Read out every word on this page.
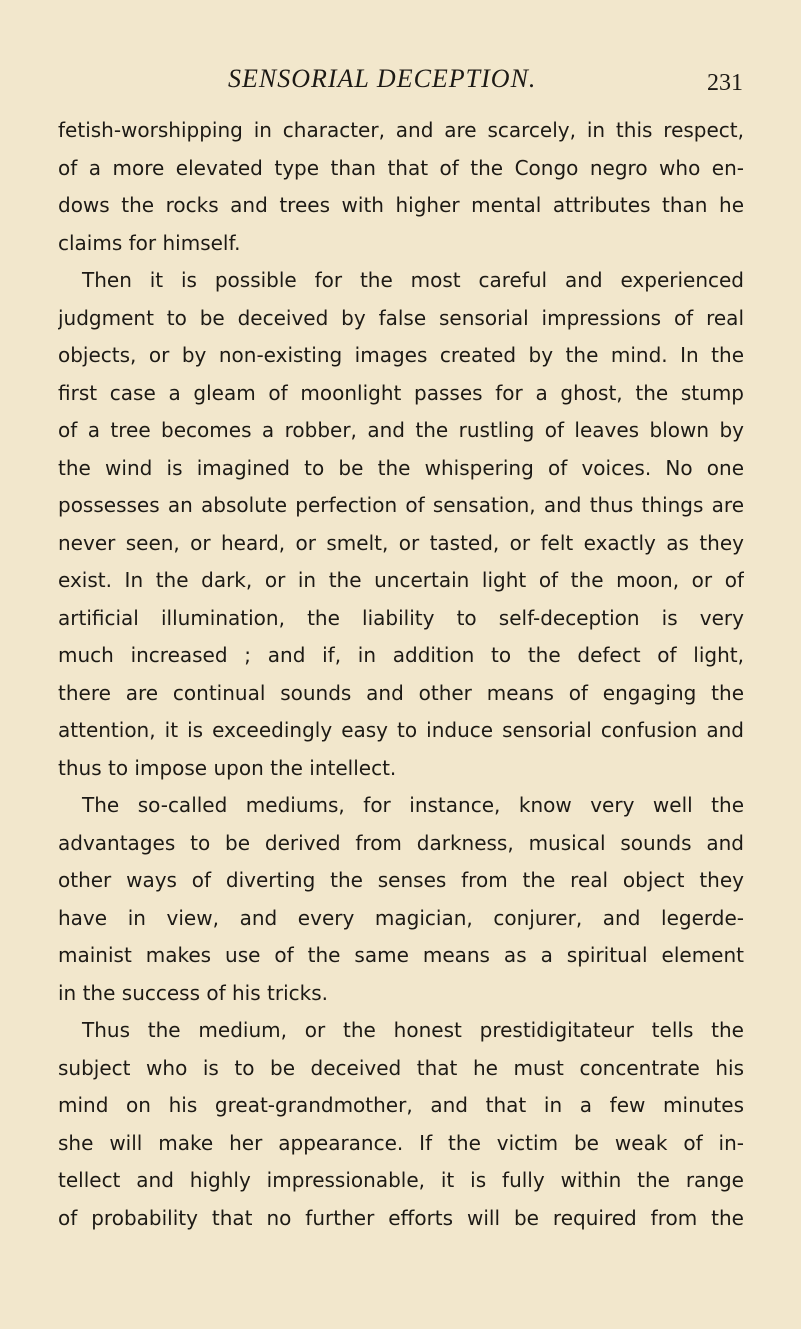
SENSORIAL DECEPTION.	231
fetish-worshipping in character, and are scarcely, in this respect,
of a more elevated type than that of the Congo negro who en-
dows the rocks and trees with higher mental attributes than he
claims for himself.
Then it is possible for the most careful and experienced
judgment to be deceived by false sensorial impressions of real
objects, or by non-existing images created by the mind. In the
first case a gleam of moonlight passes for a ghost, the stump
of a tree becomes a robber, and the rustling of leaves blown by
the wind is imagined to be the whispering of voices. No one
possesses an absolute perfection of sensation, and thus things are
never seen, or heard, or smelt, or tasted, or felt exactly as they
exist. In the dark, or in the uncertain light of the moon, or of
artificial illumination, the liability to self-deception is very
much increased ; and if, in addition to the defect of light,
there are continual sounds and other means of engaging the
attention, it is exceedingly easy to induce sensorial confusion and
thus to impose upon the intellect.
The so-called mediums, for instance, know very well the
advantages to be derived from darkness, musical sounds and
other ways of diverting the senses from the real object they
have in view, and every magician, conjurer, and legerde-
mainist makes use of the same means as a spiritual element
in the success of his tricks.
Thus the medium, or the honest prestidigitateur tells the
subject who is to be deceived that he must concentrate his
mind on his great-grandmother, and that in a few minutes
she will make her appearance. If the victim be weak of in-
tellect and highly impressionable, it is fully within the range
of probability that no further efforts will be required from the
